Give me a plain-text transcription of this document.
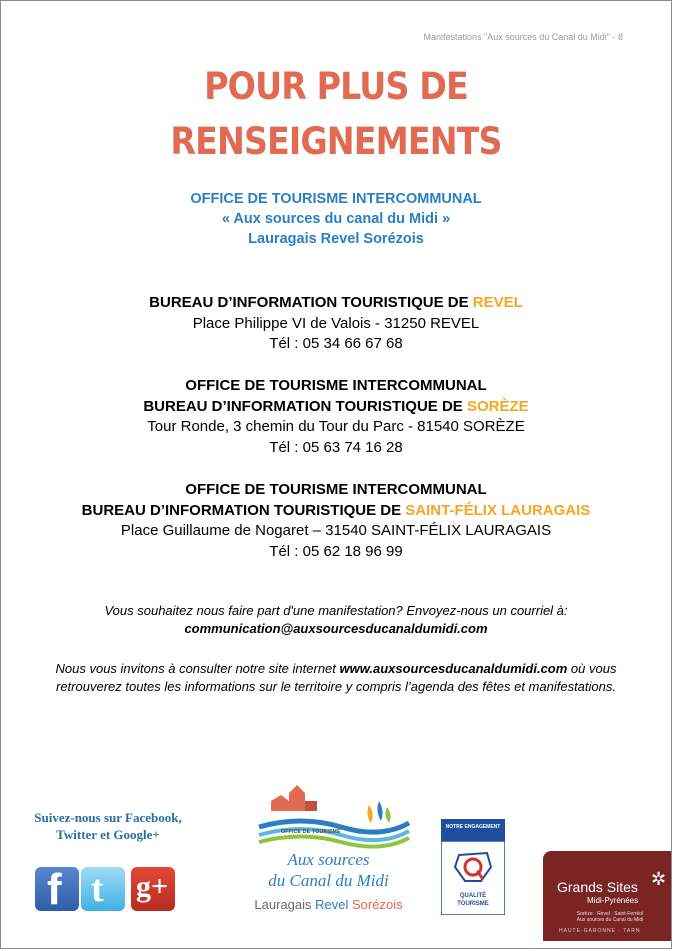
Manifestations "Aux sources du Canal du Midi" - 8
POUR PLUS DE
RENSEIGNEMENTS
OFFICE DE TOURISME INTERCOMMUNAL
« Aux sources du canal du Midi »
Lauragais Revel Sorézois
BUREAU D’INFORMATION TOURISTIQUE DE REVEL
Place Philippe VI de Valois - 31250 REVEL
Tél : 05 34 66 67 68
OFFICE DE TOURISME INTERCOMMUNAL
BUREAU D’INFORMATION TOURISTIQUE DE SORÈZE
Tour Ronde, 3 chemin du Tour du Parc - 81540 SORÈZE
Tél : 05 63 74 16 28
OFFICE DE TOURISME INTERCOMMUNAL
BUREAU D’INFORMATION TOURISTIQUE DE SAINT-FÉLIX LAURAGAIS
Place Guillaume de Nogaret – 31540 SAINT-FÉLIX LAURAGAIS
Tél : 05 62 18 96 99
Vous souhaitez nous faire part d'une manifestation? Envoyez-nous un courriel à:
communication@auxsourcesducanaldumidi.com
Nous vous invitons à consulter notre site internet www.auxsourcesducanaldumidi.com où vous retrouverez toutes les informations sur le territoire y compris l’agenda des fêtes et manifestations.
Suivez-nous sur Facebook,
Twitter et Google+
f t g+
OFFICE DE TOURISME
Aux sources
du Canal du Midi
Lauragais Revel Sorézois
NOTRE ENGAGEMENT
QUALITÉ
TOURISME
✲
Grands Sites
Midi-Pyrénées
Sorèze · Revel · Saint-Ferréol
Aux sources du Canal du Midi
HAUTE-GARONNE · TARN
